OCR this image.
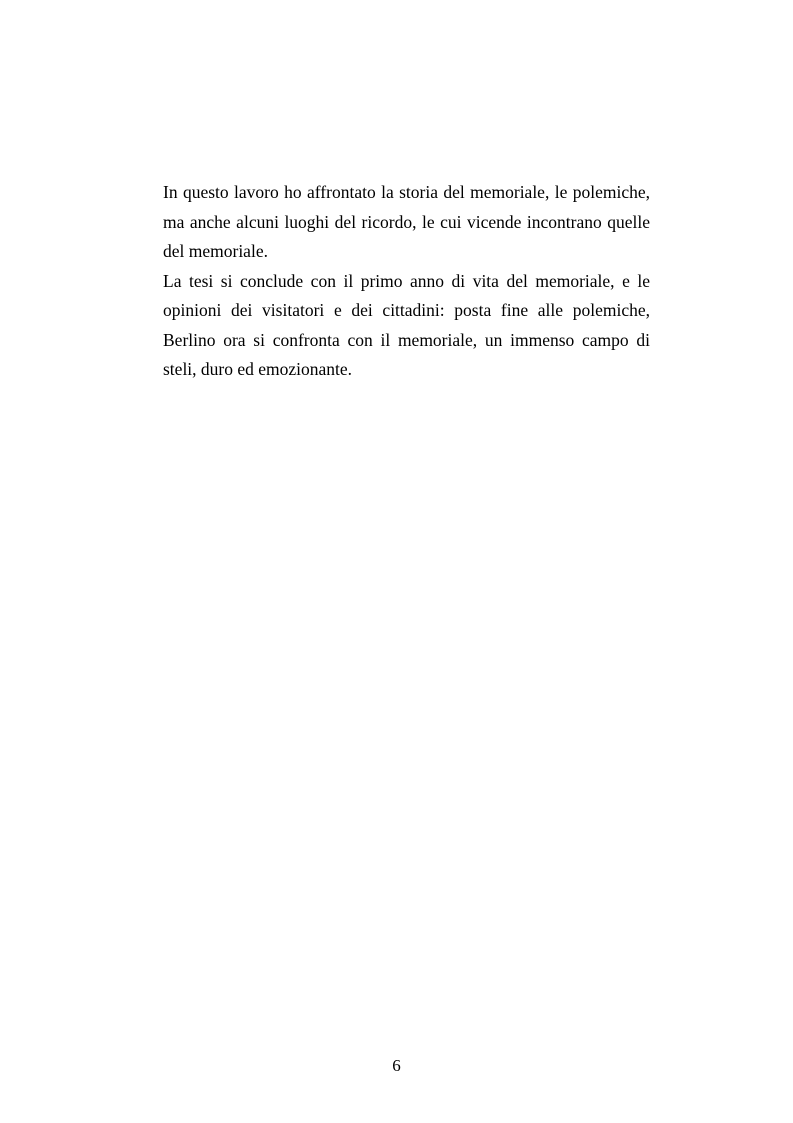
In questo lavoro ho affrontato la storia del memoriale, le polemiche, ma anche alcuni luoghi del ricordo, le cui vicende incontrano quelle del memoriale.

La tesi si conclude con il primo anno di vita del memoriale, e le opinioni dei visitatori e dei cittadini: posta fine alle polemiche, Berlino ora si confronta con il memoriale, un immenso campo di steli, duro ed emozionante.

6
